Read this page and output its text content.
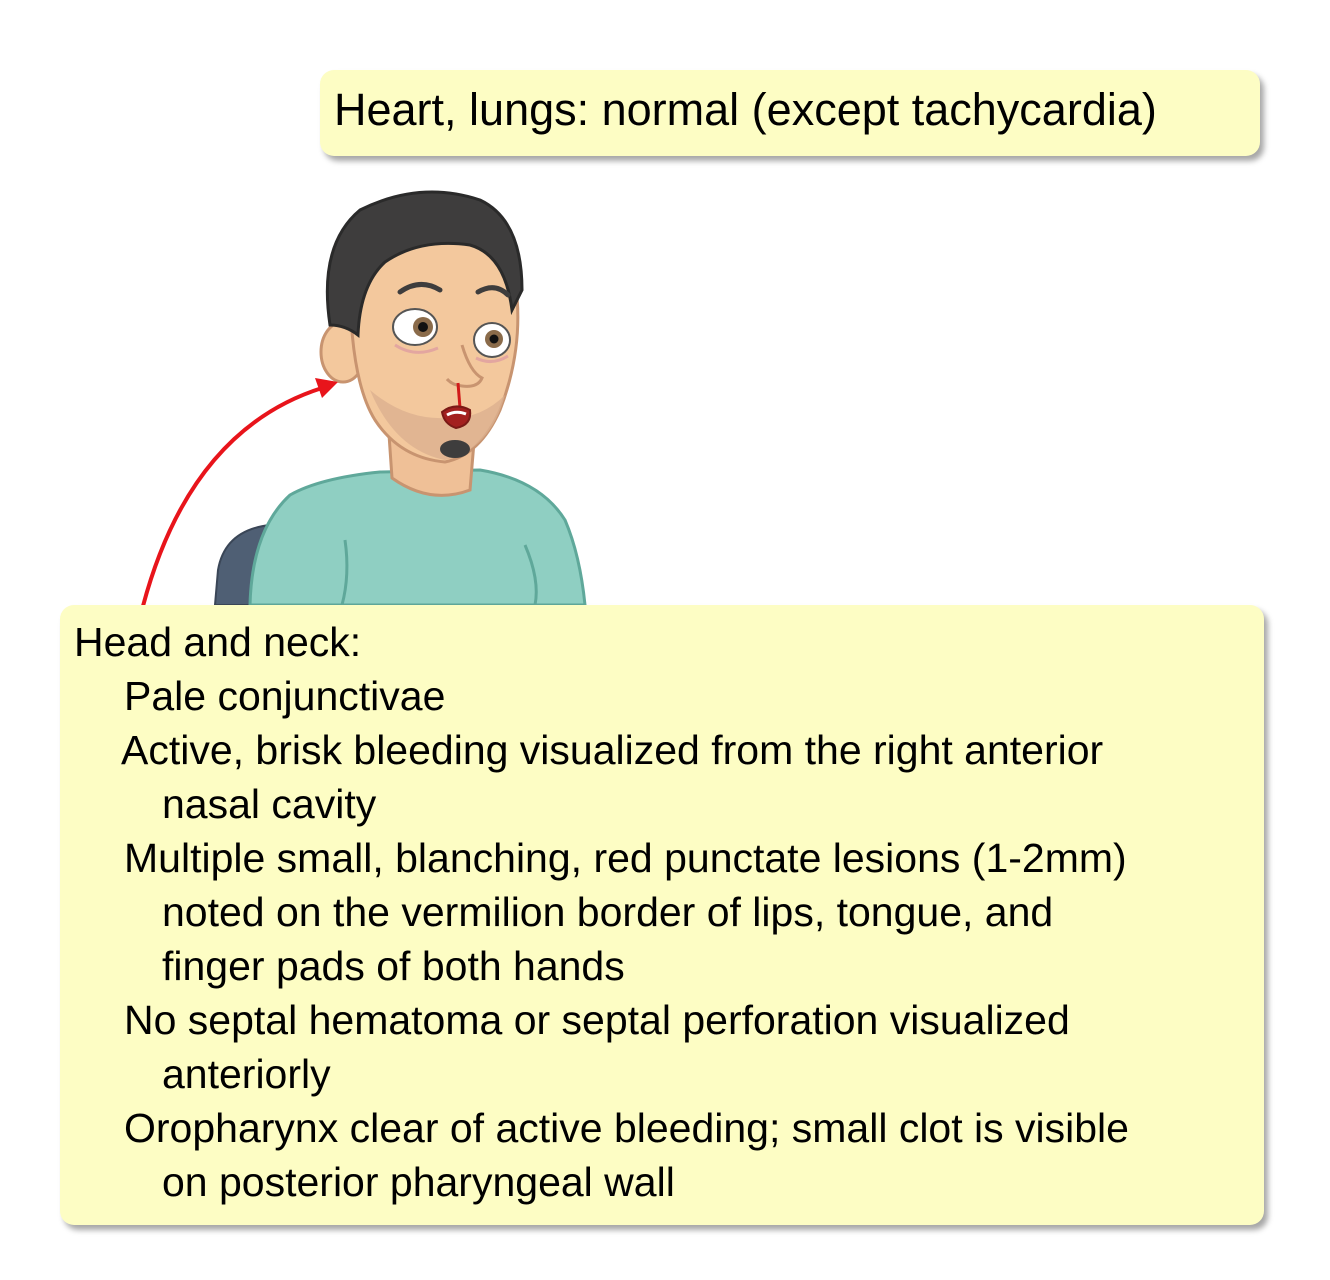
Heart, lungs: normal (except tachycardia)
Head and neck:
Pale conjunctivae
Active, brisk bleeding visualized from the right anterior
nasal cavity
Multiple small, blanching, red punctate lesions (1-2mm)
noted on the vermilion border of lips, tongue, and
finger pads of both hands
No septal hematoma or septal perforation visualized
anteriorly
Oropharynx clear of active bleeding; small clot is visible
on posterior pharyngeal wall
